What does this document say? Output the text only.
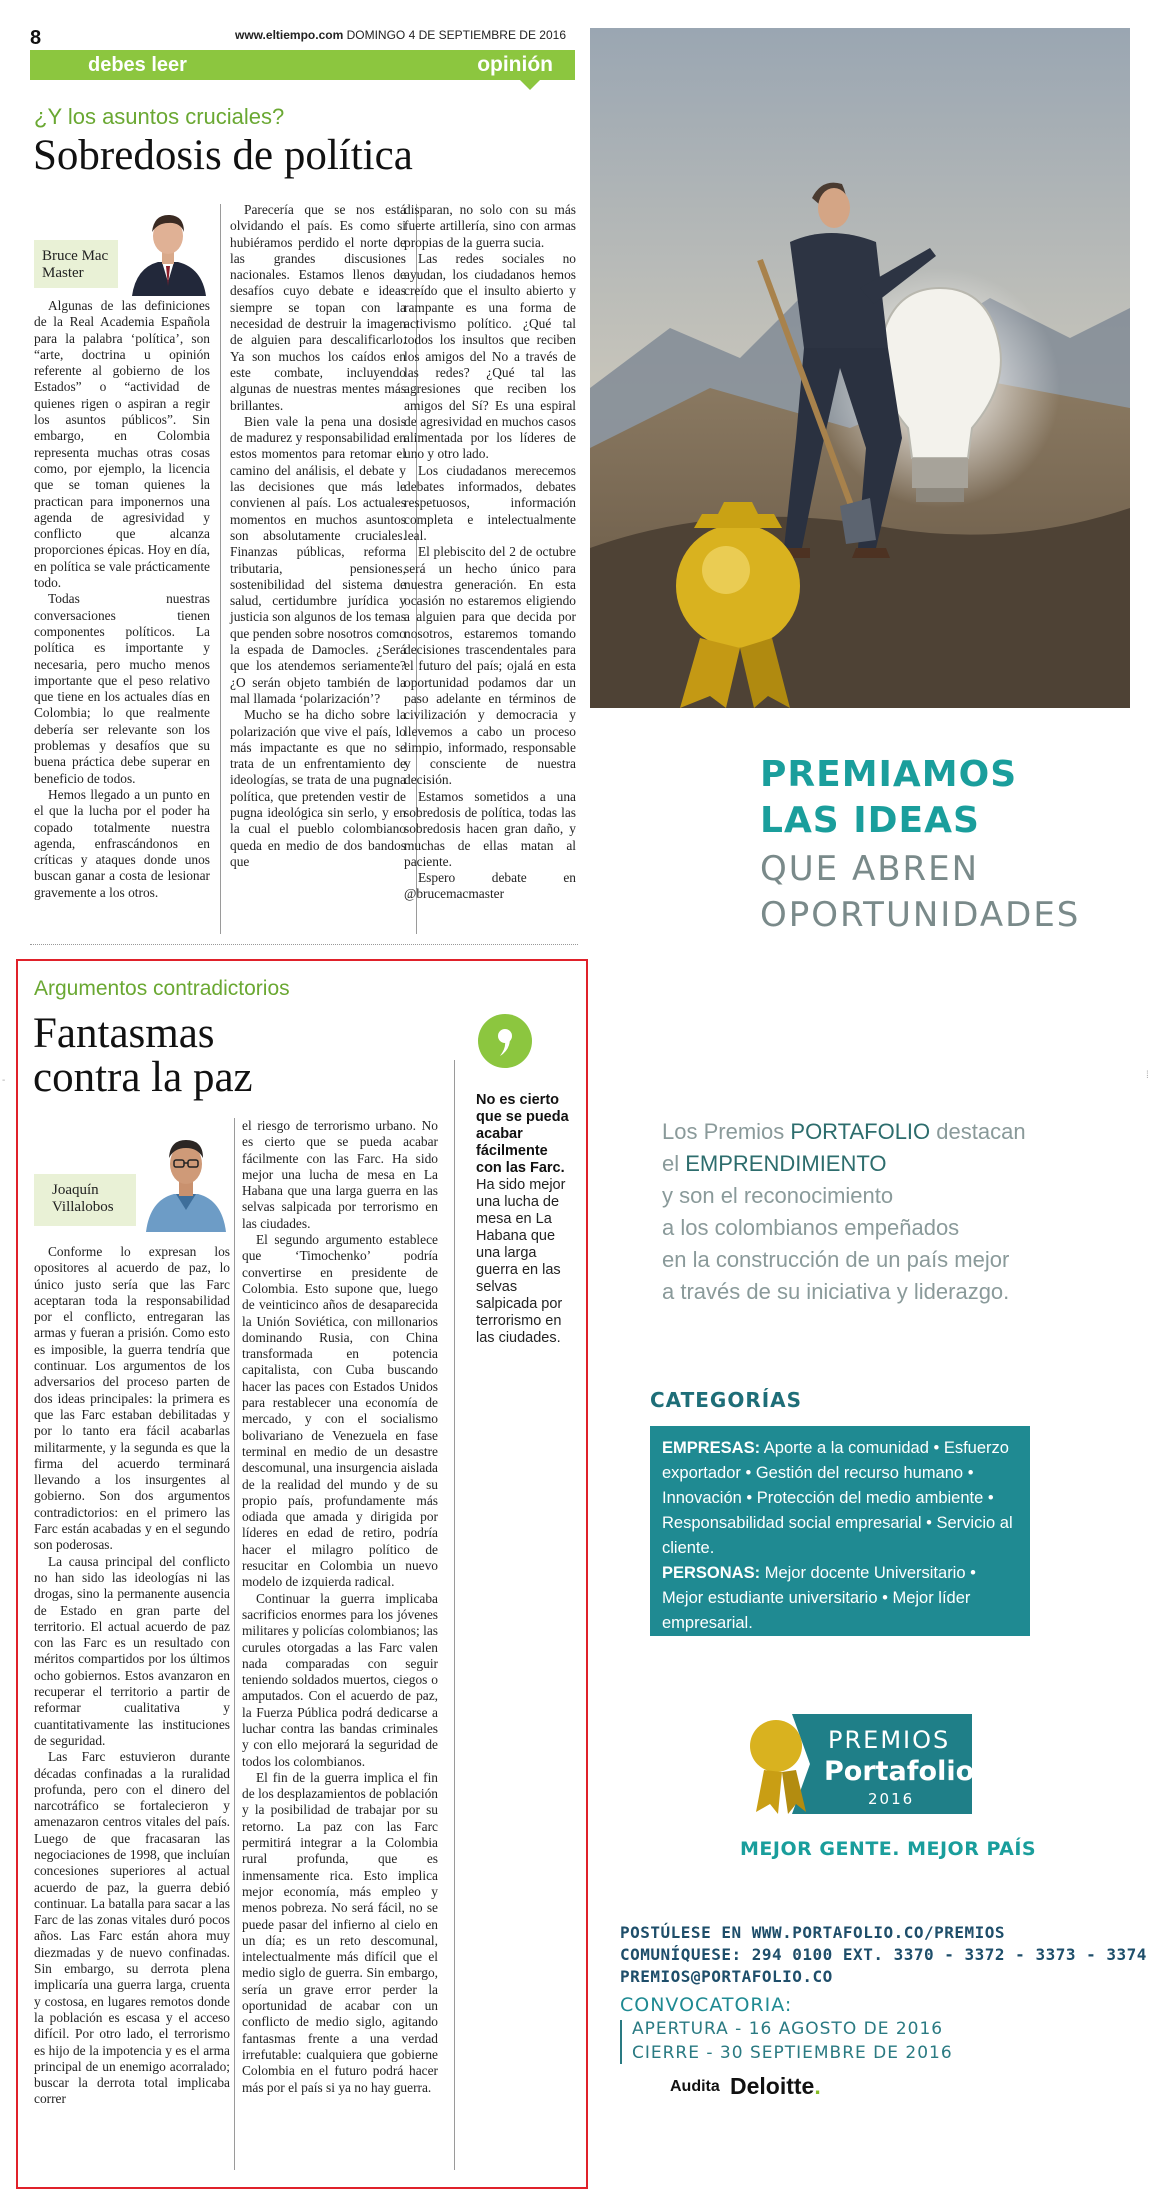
8	www.eltiempo.com DOMINGO 4 DE SEPTIEMBRE DE 2016
debes leer	opinión
¿Y los asuntos cruciales?
Sobredosis de política
Bruce Mac Master

Algunas de las definiciones de la Real Academia Española para la palabra ‘política’, son “arte, doctrina u opinión referente al gobierno de los Estados” o “actividad de quienes rigen o aspiran a regir los asuntos públicos”. Sin embargo, en Colombia representa muchas otras cosas como, por ejemplo, la licencia que se toman quienes la practican para imponernos una agenda de agresividad y conflicto que alcanza proporciones épicas. Hoy en día, en política se vale prácticamente todo.

Todas nuestras conversaciones tienen componentes políticos. La política es importante y necesaria, pero mucho menos importante que el peso relativo que tiene en los actuales días en Colombia; lo que realmente debería ser relevante son los problemas y desafíos que su buena práctica debe superar en beneficio de todos.

Hemos llegado a un punto en el que la lucha por el poder ha copado totalmente nuestra agenda, enfrascándonos en críticas y ataques donde unos buscan ganar a costa de lesionar gravemente a los otros.

Parecería que se nos está olvidando el país. Es como si hubiéramos perdido el norte de las grandes discusiones nacionales. Estamos llenos de desafíos cuyo debate e ideas siempre se topan con la necesidad de destruir la imagen de alguien para descalificarlo. Ya son muchos los caídos en este combate, incluyendo algunas de nuestras mentes más brillantes.

Bien vale la pena una dosis de madurez y responsabilidad en estos momentos para retomar el camino del análisis, el debate y las decisiones que más le convienen al país. Los actuales momentos en muchos asuntos son absolutamente cruciales. Finanzas públicas, reforma tributaria, pensiones, sostenibilidad del sistema de salud, certidumbre jurídica y justicia son algunos de los temas que penden sobre nosotros como la espada de Damocles. ¿Será que los atendemos seriamente? ¿O serán objeto también de la mal llamada ‘polarización’?

Mucho se ha dicho sobre la polarización que vive el país, lo más impactante es que no se trata de un enfrentamiento de ideologías, se trata de una pugna política, que pretenden vestir de pugna ideológica sin serlo, y en la cual el pueblo colombiano queda en medio de dos bandos que

disparan, no solo con su más fuerte artillería, sino con armas propias de la guerra sucia.

Las redes sociales no ayudan, los ciudadanos hemos creído que el insulto abierto y rampante es una forma de activismo político. ¿Qué tal todos los insultos que reciben los amigos del No a través de las redes? ¿Qué tal las agresiones que reciben los amigos del Sí? Es una espiral de agresividad en muchos casos alimentada por los líderes de uno y otro lado.

Los ciudadanos merecemos debates informados, debates respetuosos, información completa e intelectualmente leal.

El plebiscito del 2 de octubre será un hecho único para nuestra generación. En esta ocasión no estaremos eligiendo a alguien para que decida por nosotros, estaremos tomando decisiones trascendentales para el futuro del país; ojalá en esta oportunidad podamos dar un paso adelante en términos de civilización y democracia y llevemos a cabo un proceso limpio, informado, responsable y consciente de nuestra decisión.

Estamos sometidos a una sobredosis de política, todas las sobredosis hacen gran daño, y muchas de ellas matan al paciente.

Espero debate en @brucemacmaster

Argumentos contradictorios
Fantasmas
contra la paz
Joaquín Villalobos

Conforme lo expresan los opositores al acuerdo de paz, lo único justo sería que las Farc aceptaran toda la responsabilidad por el conflicto, entregaran las armas y fueran a prisión. Como esto es imposible, la guerra tendría que continuar. Los argumentos de los adversarios del proceso parten de dos ideas principales: la primera es que las Farc estaban debilitadas y por lo tanto era fácil acabarlas militarmente, y la segunda es que la firma del acuerdo terminará llevando a los insurgentes al gobierno. Son dos argumentos contradictorios: en el primero las Farc están acabadas y en el segundo son poderosas.

La causa principal del conflicto no han sido las ideologías ni las drogas, sino la permanente ausencia de Estado en gran parte del territorio. El actual acuerdo de paz con las Farc es un resultado con méritos compartidos por los últimos ocho gobiernos. Estos avanzaron en recuperar el territorio a partir de reformar cualitativa y cuantitativamente las instituciones de seguridad.

Las Farc estuvieron durante décadas confinadas a la ruralidad profunda, pero con el dinero del narcotráfico se fortalecieron y amenazaron centros vitales del país. Luego de que fracasaran las negociaciones de 1998, que incluían concesiones superiores al actual acuerdo de paz, la guerra debió continuar. La batalla para sacar a las Farc de las zonas vitales duró pocos años. Las Farc están ahora muy diezmadas y de nuevo confinadas. Sin embargo, su derrota plena implicaría una guerra larga, cruenta y costosa, en lugares remotos donde la población es escasa y el acceso difícil. Por otro lado, el terrorismo es hijo de la impotencia y es el arma principal de un enemigo acorralado; buscar la derrota total implicaba correr

el riesgo de terrorismo urbano. No es cierto que se pueda acabar fácilmente con las Farc. Ha sido mejor una lucha de mesa en La Habana que una larga guerra en las selvas salpicada por terrorismo en las ciudades.

El segundo argumento establece que ‘Timochenko’ podría convertirse en presidente de Colombia. Esto supone que, luego de veinticinco años de desaparecida la Unión Soviética, con millonarios dominando Rusia, con China transformada en potencia capitalista, con Cuba buscando hacer las paces con Estados Unidos para restablecer una economía de mercado, y con el socialismo bolivariano de Venezuela en fase terminal en medio de un desastre descomunal, una insurgencia aislada de la realidad del mundo y de su propio país, profundamente más odiada que amada y dirigida por líderes en edad de retiro, podría hacer el milagro político de resucitar en Colombia un nuevo modelo de izquierda radical.

Continuar la guerra implicaba sacrificios enormes para los jóvenes militares y policías colombianos; las curules otorgadas a las Farc valen nada comparadas con seguir teniendo soldados muertos, ciegos o amputados. Con el acuerdo de paz, la Fuerza Pública podrá dedicarse a luchar contra las bandas criminales y con ello mejorará la seguridad de todos los colombianos.

El fin de la guerra implica el fin de los desplazamientos de población y la posibilidad de trabajar por su retorno. La paz con las Farc permitirá integrar a la Colombia rural profunda, que es inmensamente rica. Esto implica mejor economía, más empleo y menos pobreza. No será fácil, no se puede pasar del infierno al cielo en un día; es un reto descomunal, intelectualmente más difícil que el medio siglo de guerra. Sin embargo, sería un grave error perder la oportunidad de acabar con un conflicto de medio siglo, agitando fantasmas frente a una verdad irrefutable: cualquiera que gobierne Colombia en el futuro podrá hacer más por el país si ya no hay guerra.

No es cierto que se pueda acabar fácilmente con las Farc. Ha sido mejor una lucha de mesa en La Habana que una larga guerra en las selvas salpicada por terrorismo en las ciudades.
-	⁞
PREMIAMOS
LAS IDEAS
QUE ABREN
OPORTUNIDADES
Los Premios PORTAFOLIO destacan
el EMPRENDIMIENTO
y son el reconocimiento
a los colombianos empeñados
en la construcción de un país mejor
a través de su iniciativa y liderazgo.
CATEGORÍAS
EMPRESAS: Aporte a la comunidad • Esfuerzo exportador • Gestión del recurso humano • Innovación • Protección del medio ambiente • Responsabilidad social empresarial • Servicio al cliente.
PERSONAS: Mejor docente Universitario • Mejor estudiante universitario • Mejor líder empresarial.
PREMIOS
Portafolio
2016
MEJOR GENTE. MEJOR PAÍS
POSTÚLESE EN WWW.PORTAFOLIO.CO/PREMIOS
COMUNÍQUESE: 294 0100 EXT. 3370 - 3372 - 3373 - 3374
PREMIOS@PORTAFOLIO.CO
CONVOCATORIA:
APERTURA - 16 AGOSTO DE 2016
CIERRE - 30 SEPTIEMBRE DE 2016
Audita Deloitte.
